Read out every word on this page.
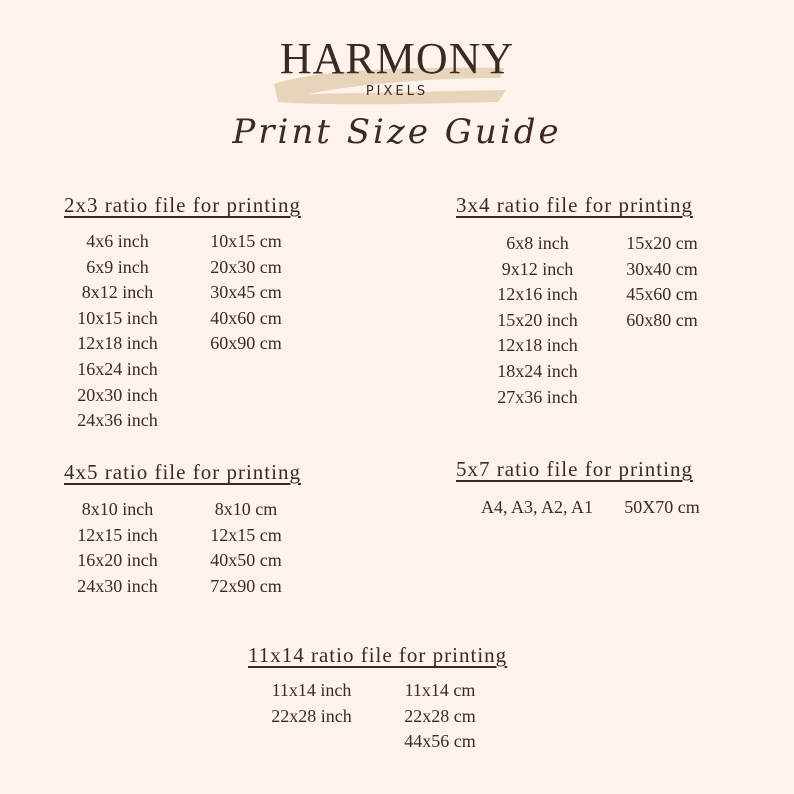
HARMONY
PIXELS
Print Size Guide
2x3 ratio file for printing
4x6 inch
6x9 inch
8x12 inch
10x15 inch
12x18 inch
16x24 inch
20x30 inch
24x36 inch
10x15 cm
20x30 cm
30x45 cm
40x60 cm
60x90 cm
3x4 ratio file for printing
6x8 inch
9x12 inch
12x16 inch
15x20 inch
12x18 inch
18x24 inch
27x36 inch
15x20 cm
30x40 cm
45x60 cm
60x80 cm
4x5 ratio file for printing
8x10 inch
12x15 inch
16x20 inch
24x30 inch
8x10 cm
12x15 cm
40x50 cm
72x90 cm
5x7 ratio file for printing
A4, A3, A2, A1	50X70 cm
11x14 ratio file for printing
11x14 inch
22x28 inch
11x14 cm
22x28 cm
44x56 cm
